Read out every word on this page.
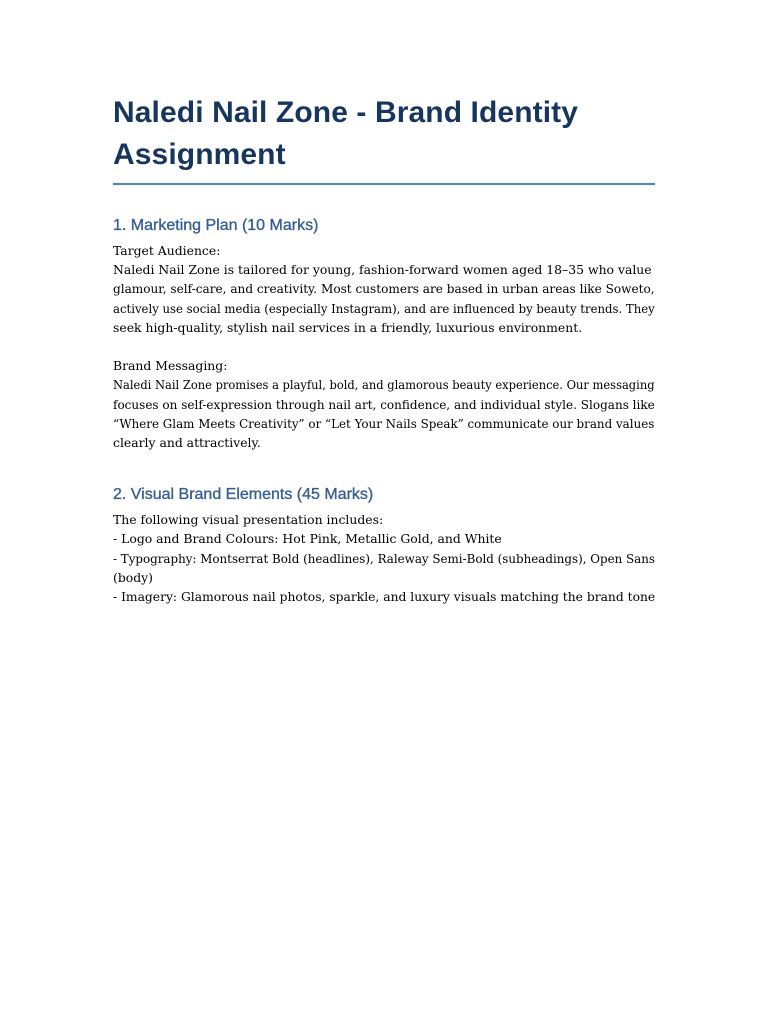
Naledi Nail Zone - Brand Identity
Assignment
1. Marketing Plan (10 Marks)
Target Audience:
Naledi Nail Zone is tailored for young, fashion-forward women aged 18–35 who value
glamour, self-care, and creativity. Most customers are based in urban areas like Soweto,
actively use social media (especially Instagram), and are influenced by beauty trends. They
seek high-quality, stylish nail services in a friendly, luxurious environment.
Brand Messaging:
Naledi Nail Zone promises a playful, bold, and glamorous beauty experience. Our messaging
focuses on self-expression through nail art, confidence, and individual style. Slogans like
“Where Glam Meets Creativity” or “Let Your Nails Speak” communicate our brand values
clearly and attractively.
2. Visual Brand Elements (45 Marks)
The following visual presentation includes:
- Logo and Brand Colours: Hot Pink, Metallic Gold, and White
- Typography: Montserrat Bold (headlines), Raleway Semi-Bold (subheadings), Open Sans
(body)
- Imagery: Glamorous nail photos, sparkle, and luxury visuals matching the brand tone
